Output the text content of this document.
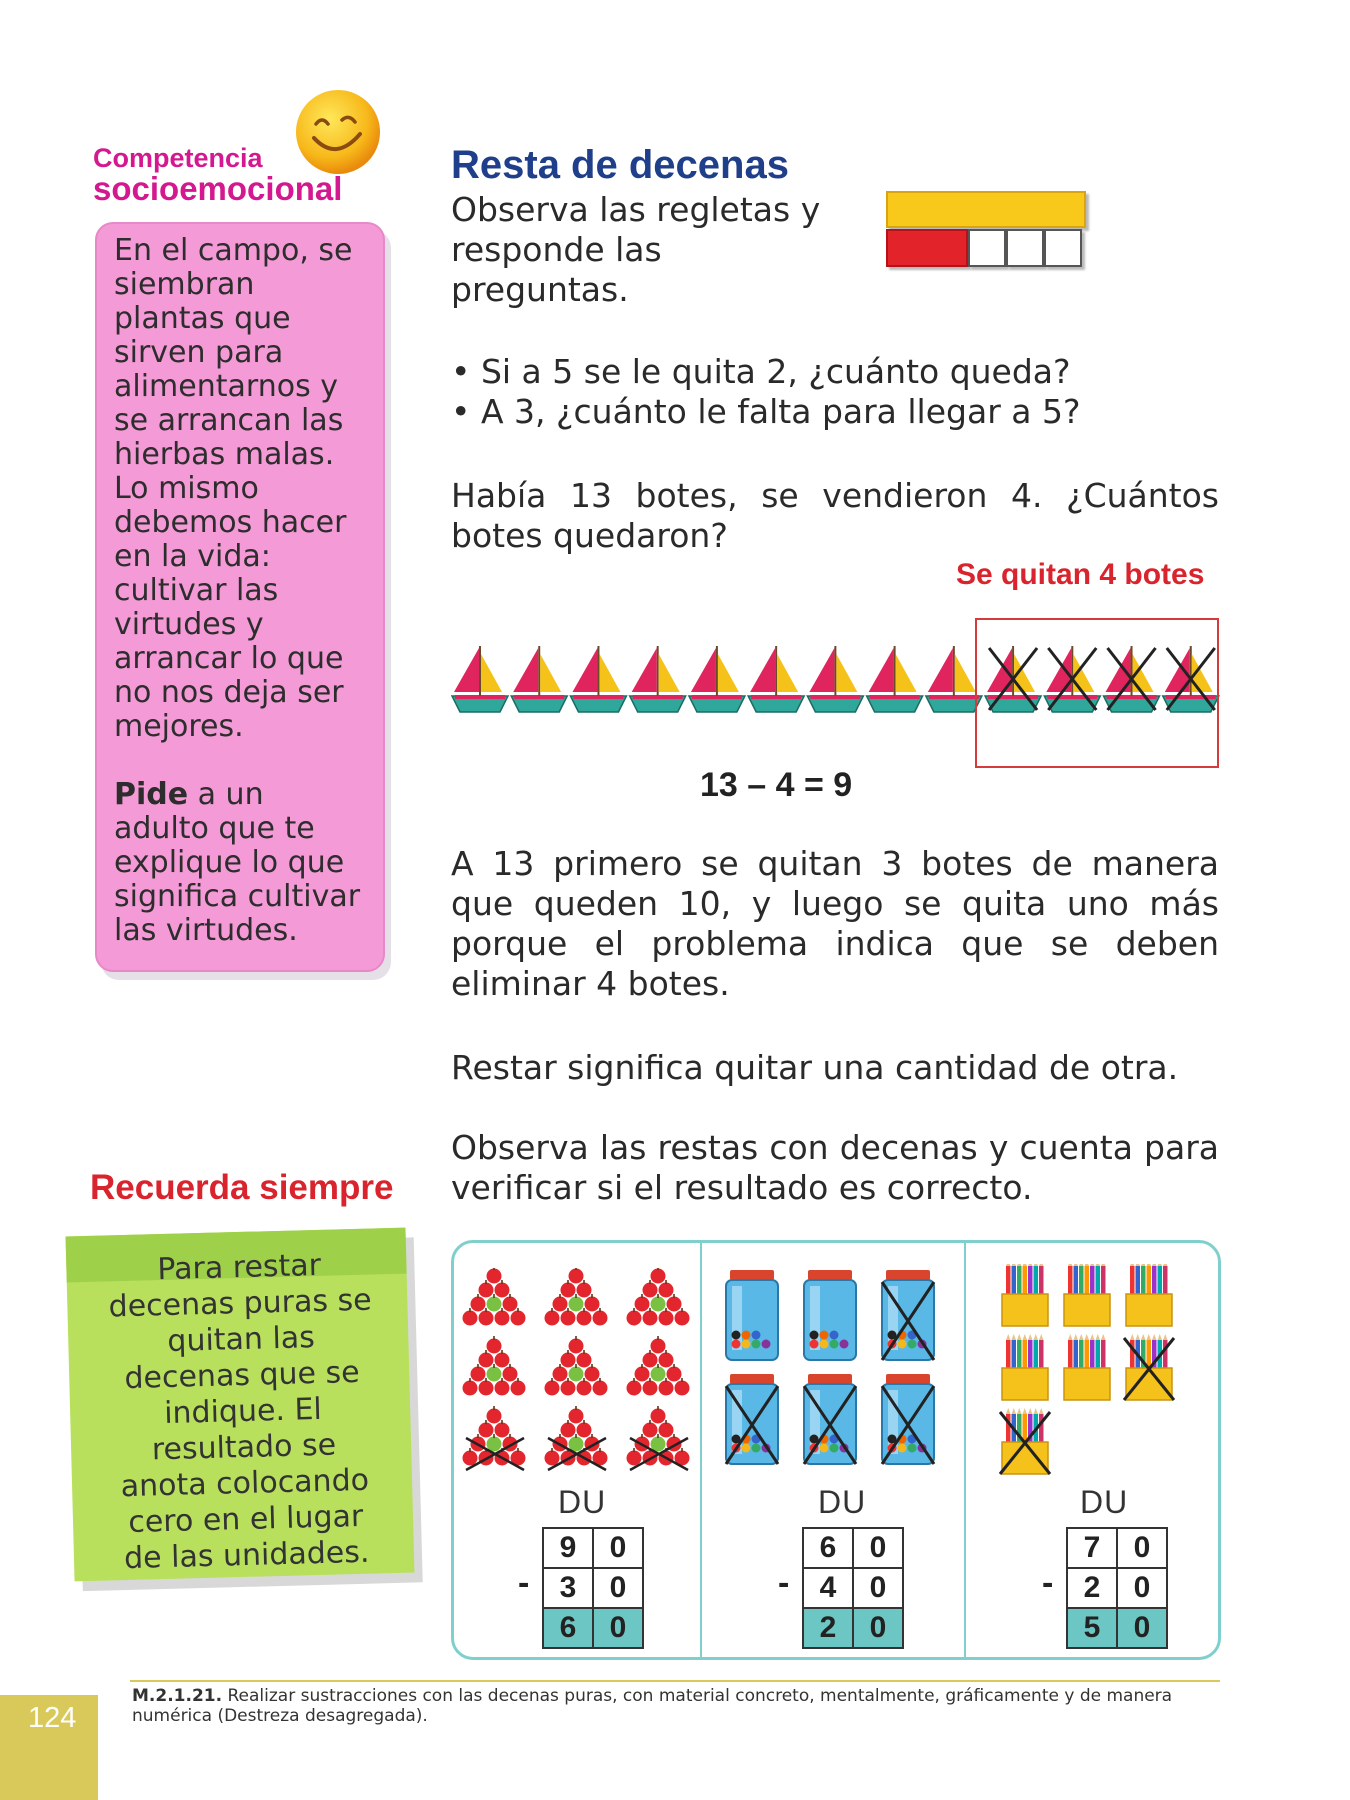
Competencia
socioemocional
En el campo, se
siembran
plantas que
sirven para
alimentarnos y
se arrancan las
hierbas malas.
Lo mismo
debemos hacer
en la vida:
cultivar las
virtudes y
arrancar lo que
no nos deja ser
mejores.
Pide a un
adulto que te
explique lo que
significa cultivar
las virtudes.
Recuerda siempre
Para restar
decenas puras se
quitan las
decenas que se
indique. El
resultado se
anota colocando
cero en el lugar
de las unidades.
124
Resta de decenas
Observa las regletas y
responde las preguntas.
• Si a 5 se le quita 2, ¿cuánto queda?
• A 3, ¿cuánto le falta para llegar a 5?
Había 13 botes, se vendieron 4. ¿Cuántos botes quedaron?
Se quitan 4 botes
13 – 4 = 9
A 13 primero se quitan 3 botes de manera que queden 10, y luego se quita uno más porque el problema indica que se deben eliminar 4 botes.
Restar significa quitar una cantidad de otra.
Observa las restas con decenas y cuenta para verificar si el resultado es correcto.
DU
-
9	0
3	0
6	0
DU
-
6	0
4	0
2	0
DU
-
7	0
2	0
5	0
M.2.1.21. Realizar sustracciones con las decenas puras, con material concreto, mentalmente, gráficamente y de manera numérica (Destreza desagregada).
